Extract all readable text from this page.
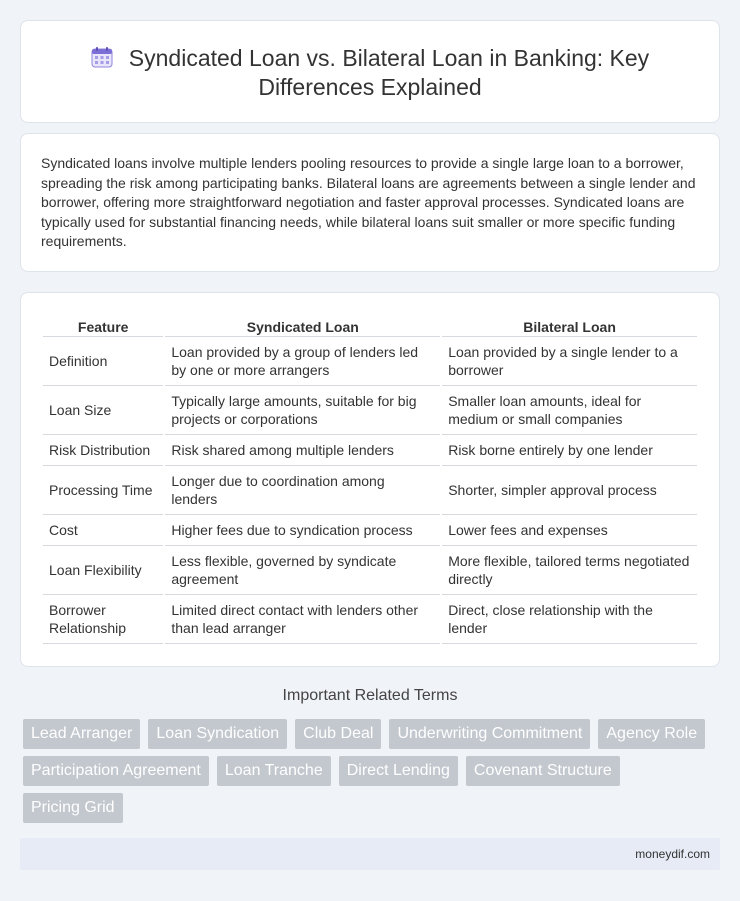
Syndicated Loan vs. Bilateral Loan in Banking: Key Differences Explained

Syndicated loans involve multiple lenders pooling resources to provide a single large loan to a borrower, spreading the risk among participating banks. Bilateral loans are agreements between a single lender and borrower, offering more straightforward negotiation and faster approval processes. Syndicated loans are typically used for substantial financing needs, while bilateral loans suit smaller or more specific funding requirements.

Feature	Syndicated Loan	Bilateral Loan
Definition	Loan provided by a group of lenders led by one or more arrangers	Loan provided by a single lender to a borrower
Loan Size	Typically large amounts, suitable for big projects or corporations	Smaller loan amounts, ideal for medium or small companies
Risk Distribution	Risk shared among multiple lenders	Risk borne entirely by one lender
Processing Time	Longer due to coordination among lenders	Shorter, simpler approval process
Cost	Higher fees due to syndication process	Lower fees and expenses
Loan Flexibility	Less flexible, governed by syndicate agreement	More flexible, tailored terms negotiated directly
Borrower Relationship	Limited direct contact with lenders other than lead arranger	Direct, close relationship with the lender
Important Related Terms
Lead Arranger	Loan Syndication	Club Deal	Underwriting Commitment	Agency Role
Participation Agreement	Loan Tranche	Direct Lending	Covenant Structure
Pricing Grid
moneydif.com
